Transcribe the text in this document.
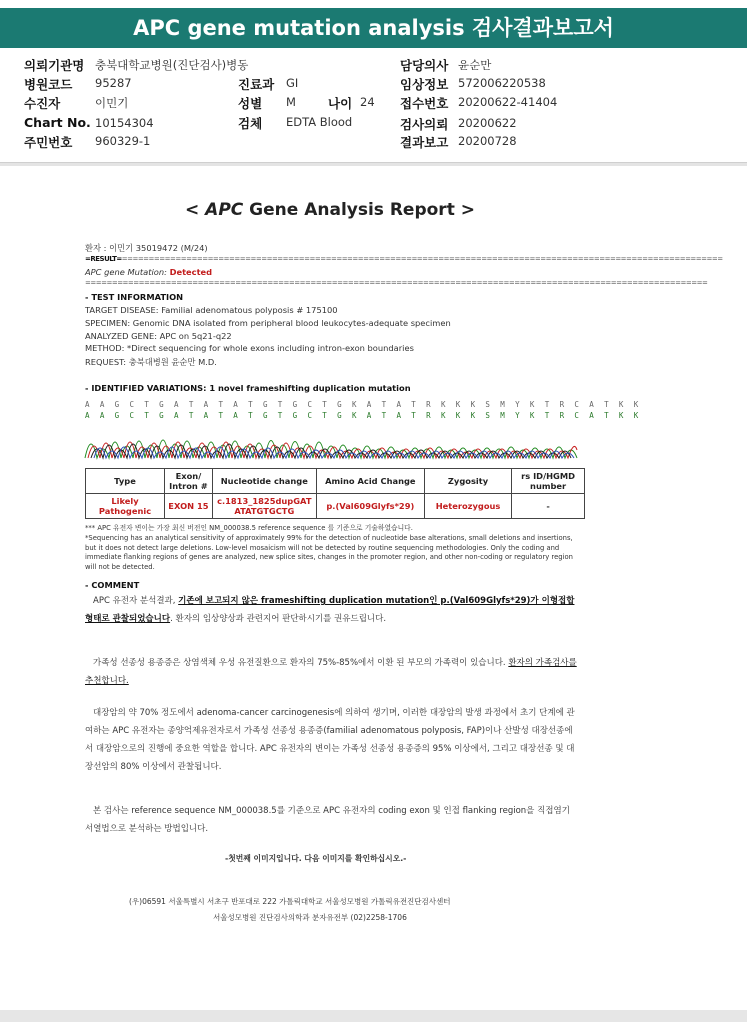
APC gene mutation analysis 검사결과보고서
의뢰기관명 충북대학교병원(진단검사)병동	담당의사 윤순만
병원코드 95287	진료과 GI	임상정보 572006220538
수진자	이민기	성별 M	나이 24 접수번호 20200622-41404
Chart No. 10154304	검체 EDTA Blood	검사의뢰 20200622
주민번호 960329-1	결과보고 20200728
< APC Gene Analysis Report >
환자 : 이민기 35019472 (M/24)
=RESULT=================================================================================================================
APC gene Mutation: Detected
====================================================================================================================
- TEST INFORMATION
TARGET DISEASE: Familial adenomatous polyposis # 175100
SPECIMEN: Genomic DNA isolated from peripheral blood leukocytes-adequate specimen
ANALYZED GENE: APC on 5q21-q22
METHOD: *Direct sequencing for whole exons including intron-exon boundaries
REQUEST: 충북대병원 윤순만 M.D.
- IDENTIFIED VARIATIONS: 1 novel frameshifting duplication mutation
A A G C T G A T A T A T G T G C T G K A T A T R K K K S M Y K T R C A T K K
A A G C T G A T A T A T G T G C T G K A T A T R K K K S M Y K T R C A T K K
Type	Exon/ Intron #	Nucleotide change	Amino Acid Change	Zygosity	rs ID/HGMD number
Likely Pathogenic	EXON 15	c.1813_1825dupGAT ATATGTGCTG	p.(Val609Glyfs*29)	Heterozygous	-
*** APC 유전자 변이는 가장 최신 버전인 NM_000038.5 reference sequence 를 기준으로 기술하였습니다.
*Sequencing has an analytical sensitivity of approximately 99% for the detection of nucleotide base alterations, small deletions and insertions, but it does not detect large deletions. Low-level mosaicism will not be detected by routine sequencing methodologies. Only the coding and immediate flanking regions of genes are analyzed, new splice sites, changes in the promoter region, and other non-coding or regulatory region will not be detected.
- COMMENT
APC 유전자 분석결과, 기존에 보고되지 않은 frameshifting duplication mutation인 p.(Val609Glyfs*29)가 이형접합형태로 관찰되었습니다. 환자의 임상양상과 관련지어 판단하시기를 권유드립니다.
가족성 선종성 용종증은 상염색체 우성 유전질환으로 환자의 75%-85%에서 이환 된 부모의 가족력이 있습니다. 환자의 가족검사를 추천합니다.
대장암의 약 70% 정도에서 adenoma-cancer carcinogenesis에 의하여 생기며, 이러한 대장암의 발생 과정에서 초기 단계에 관여하는 APC 유전자는 종양억제유전자로서 가족성 선종성 용종증(familial adenomatous polyposis, FAP)이나 산발성 대장선종에서 대장암으로의 진행에 중요한 역할을 합니다. APC 유전자의 변이는 가족성 선종성 용종증의 95% 이상에서, 그리고 대장선종 및 대장선암의 80% 이상에서 관찰됩니다.
본 검사는 reference sequence NM_000038.5를 기준으로 APC 유전자의 coding exon 및 인접 flanking region을 직접염기서열법으로 분석하는 방법입니다.
-첫번째 이미지입니다. 다음 이미지를 확인하십시오.-
(우)06591 서울특별시 서초구 반포대로 222 가톨릭대학교 서울성모병원 가톨릭유전진단검사센터
서울성모병원 진단검사의학과 분자유전부 (02)2258-1706
